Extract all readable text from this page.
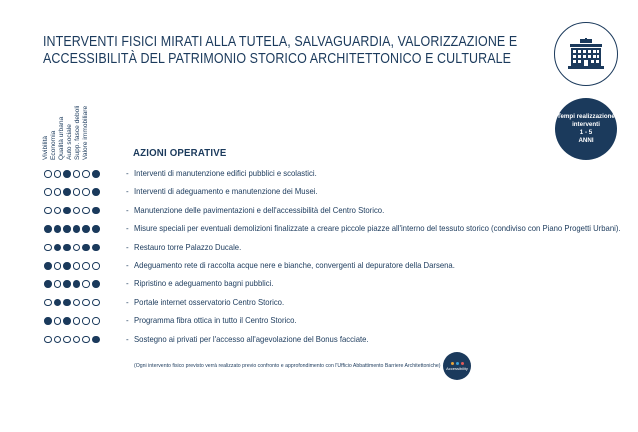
INTERVENTI FISICI MIRATI ALLA TUTELA, SALVAGUARDIA, VALORIZZAZIONE E
ACCESSIBILITÀ DEL PATRIMONIO STORICO ARCHITETTONICO E CULTURALE
Tempi realizzazione
interventi
1 - 5
ANNI
Vivibilità Economia Qualità urbana Auto sociale Supp. fasce deboli Valore immobiliare	AZIONI OPERATIVE
- Interventi di manutenzione edifici pubblici e scolastici.
- Interventi di adeguamento e manutenzione dei Musei.
- Manutenzione delle pavimentazioni e dell'accessibilità del Centro Storico.
- Misure speciali per eventuali demolizioni finalizzate a creare piccole piazze all'interno del tessuto storico (condiviso con Piano Progetti Urbani).
- Restauro torre Palazzo Ducale.
- Adeguamento rete di raccolta acque nere e bianche, convergenti al depuratore della Darsena.
- Ripristino e adeguamento bagni pubblici.
- Portale internet osservatorio Centro Storico.
- Programma fibra ottica in tutto il Centro Storico.
- Sostegno ai privati per l'accesso all'agevolazione del Bonus facciate.
(Ogni intervento fisico previsto verrà realizzato previo confronto e approfondimento con l'Ufficio Abbattimento Barriere Architettoniche) Accessibility
